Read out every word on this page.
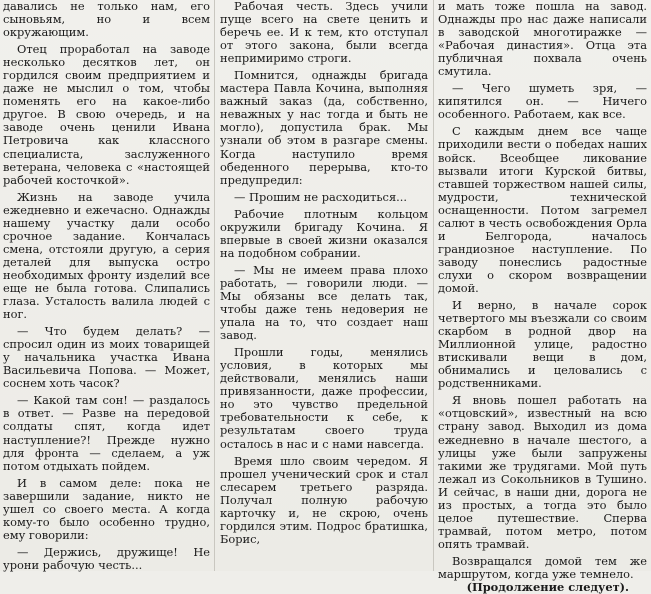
давались не только нам, его сыновьям, но и всем окружающим.

Отец проработал на заводе несколько десятков лет, он гордился своим предприятием и даже не мыслил о том, чтобы поменять его на какое-либо другое. В свою очередь, и на заводе очень ценили Ивана Петровича как классного специалиста, заслуженного ветерана, человека с «настоящей рабочей косточкой».

Жизнь на заводе учила ежедневно и ежечасно. Однажды нашему участку дали особо срочное задание. Кончалась смена, отстояли другую, а серия деталей для выпуска остро необходимых фронту изделий все еще не была готова. Слипались глаза. Усталость валила людей с ног.

— Что будем делать? — спросил один из моих товарищей у начальника участка Ивана Васильевича Попова. — Может, соснем хоть часок?

— Какой там сон! — раздалось в ответ. — Разве на передовой солдаты спят, когда идет наступление?! Прежде нужно для фронта — сделаем, а уж потом отдыхать пойдем.

И в самом деле: пока не завершили задание, никто не ушел со своего места. А когда кому-то было особенно трудно, ему говорили:

— Держись, дружище! Не урони рабочую честь...

Рабочая честь. Здесь учили пуще всего на свете ценить и беречь ее. И к тем, кто отступал от этого закона, были всегда непримиримо строги.

Помнится, однажды бригада мастера Павла Кочина, выполняя важный заказ (да, собственно, неважных у нас тогда и быть не могло), допустила брак. Мы узнали об этом в разгаре смены. Когда наступило время обеденного перерыва, кто-то предупредил:

— Прошим не расходиться...

Рабочие плотным кольцом окружили бригаду Кочина. Я впервые в своей жизни оказался на подобном собрании.

— Мы не имеем права плохо работать, — говорили люди. — Мы обязаны все делать так, чтобы даже тень недоверия не упала на то, что создает наш завод.

Прошли годы, менялись условия, в которых мы действовали, менялись наши привязанности, даже профессии, но это чувство предельной требовательности к себе, к результатам своего труда осталось в нас и с нами навсегда.

Время шло своим чередом. Я прошел ученический срок и стал слесарем третьего разряда. Получал полную рабочую карточку и, не скрою, очень гордился этим. Подрос братишка, Борис,

и мать тоже пошла на завод. Однажды про нас даже написали в заводской многотиражке — «Рабочая династия». Отца эта публичная похвала очень смутила.

— Чего шуметь зря, — кипятился он. — Ничего особенного. Работаем, как все.

С каждым днем все чаще приходили вести о победах наших войск. Всеобщее ликование вызвали итоги Курской битвы, ставшей торжеством нашей силы, мудрости, технической оснащенности. Потом загремел салют в честь освобождения Орла и Белгорода, началось грандиозное наступление. По заводу понеслись радостные слухи о скором возвращении домой.

И верно, в начале сорок четвертого мы въезжали со своим скарбом в родной двор на Миллионной улице, радостно втискивали вещи в дом, обнимались и целовались с родственниками.

Я вновь пошел работать на «отцовский», известный на всю страну завод. Выходил из дома ежедневно в начале шестого, а улицы уже были запружены такими же трудягами. Мой путь лежал из Сокольников в Тушино. И сейчас, в наши дни, дорога не из простых, а тогда это было целое путешествие. Сперва трамвай, потом метро, потом опять трамвай.

Возвращался домой тем же маршрутом, когда уже темнело.

(Продолжение следует).
